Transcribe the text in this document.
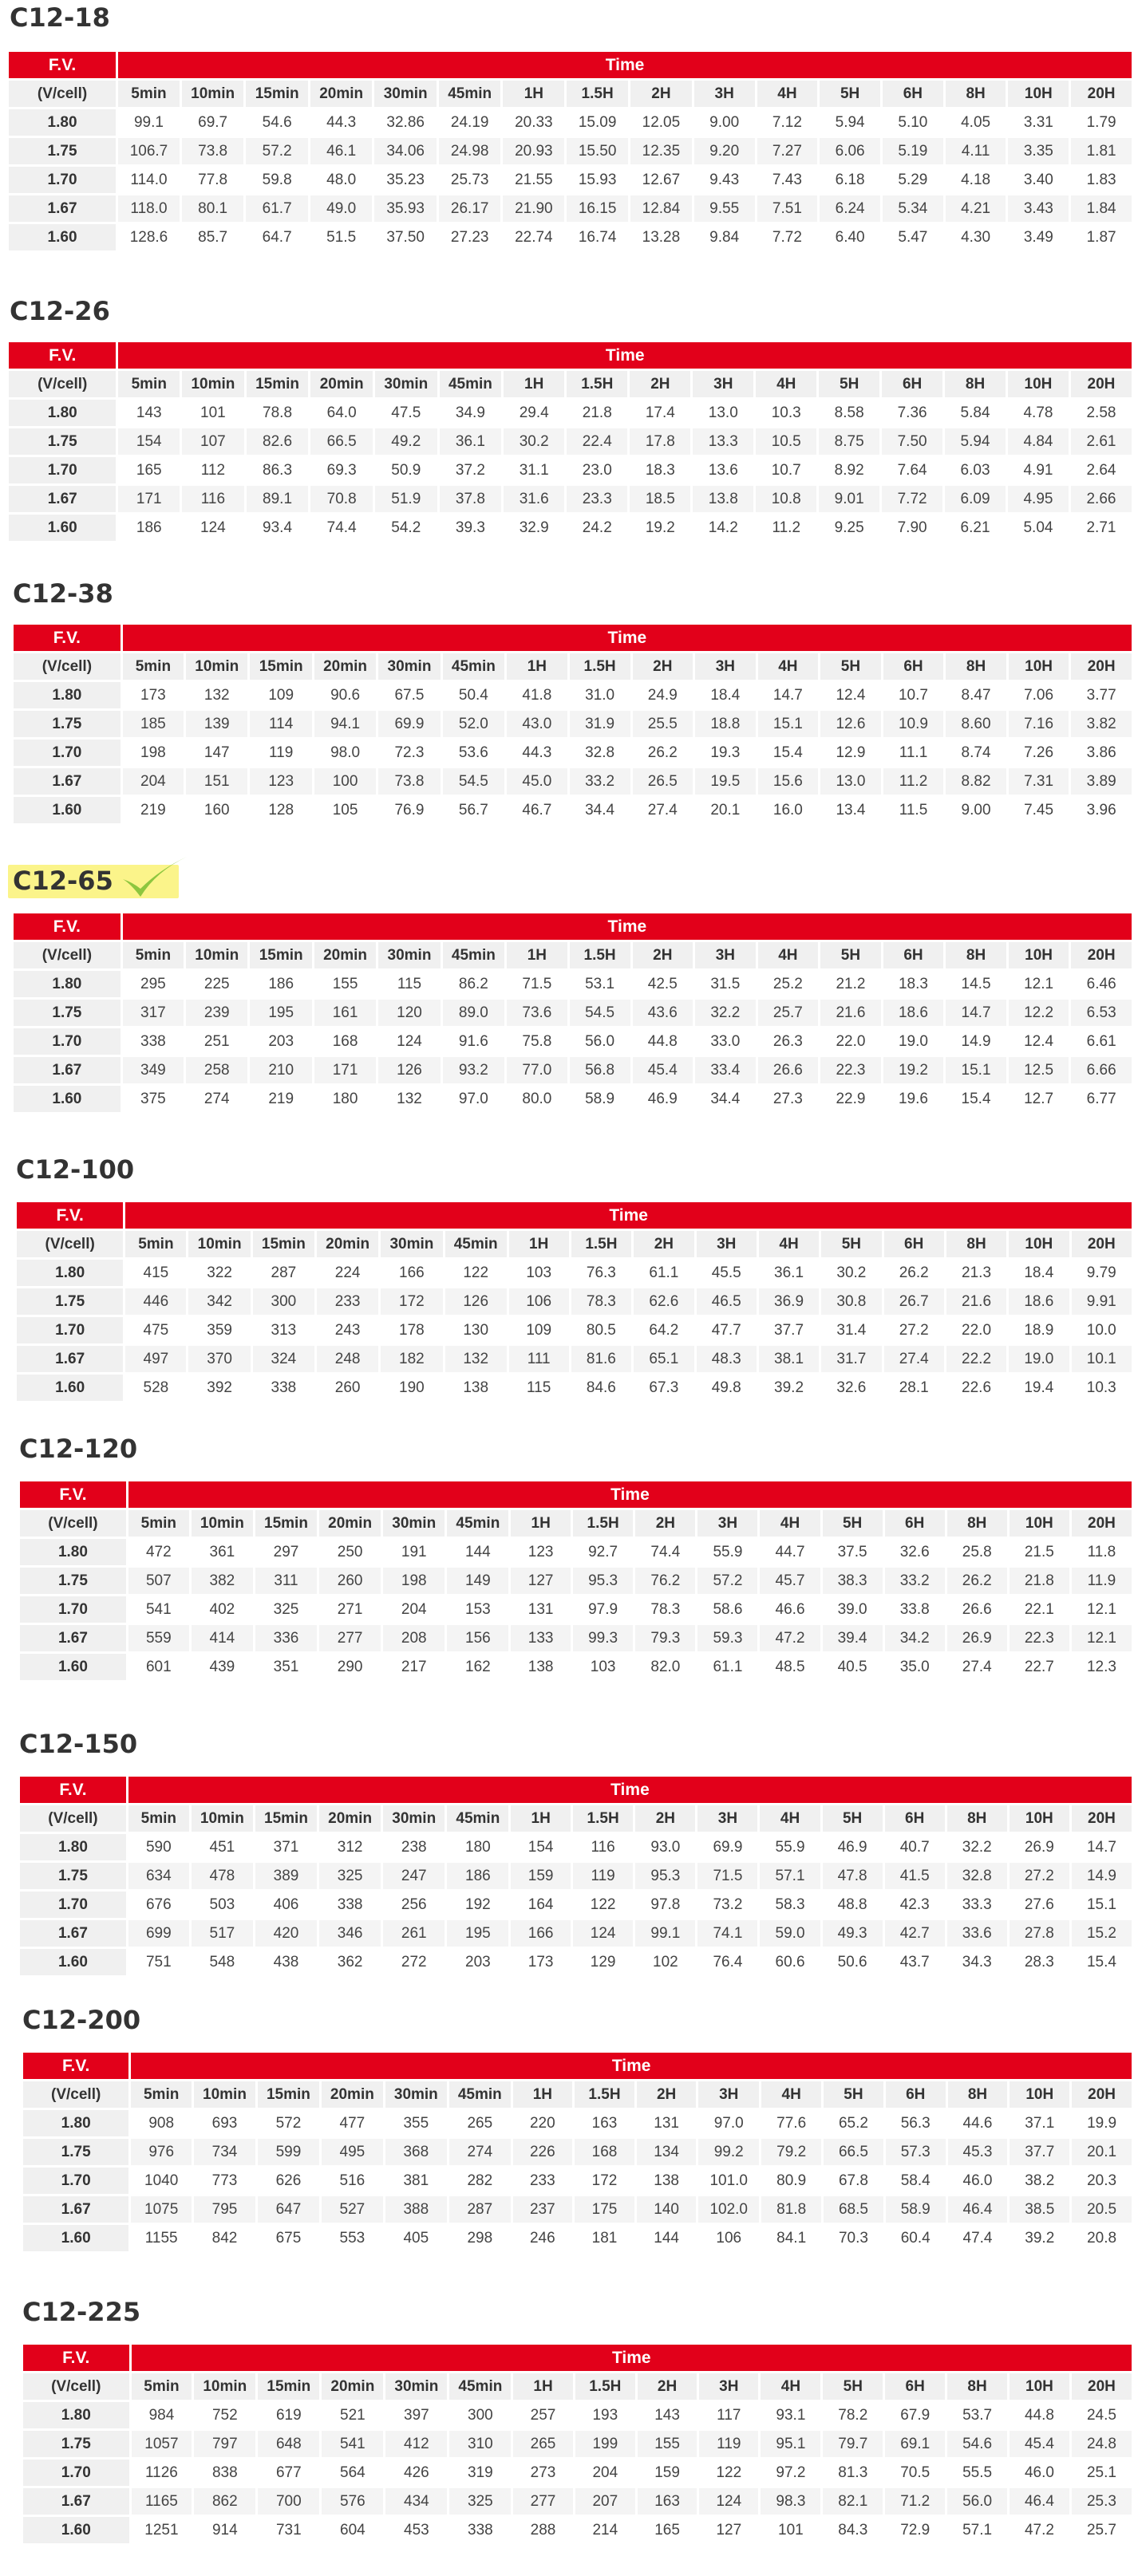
C12-18
F.V.	Time															
(V/cell)	5min	10min	15min	20min	30min	45min	1H	1.5H	2H	3H	4H	5H	6H	8H	10H	20H
1.80	99.1	69.7	54.6	44.3	32.86	24.19	20.33	15.09	12.05	9.00	7.12	5.94	5.10	4.05	3.31	1.79
1.75	106.7	73.8	57.2	46.1	34.06	24.98	20.93	15.50	12.35	9.20	7.27	6.06	5.19	4.11	3.35	1.81
1.70	114.0	77.8	59.8	48.0	35.23	25.73	21.55	15.93	12.67	9.43	7.43	6.18	5.29	4.18	3.40	1.83
1.67	118.0	80.1	61.7	49.0	35.93	26.17	21.90	16.15	12.84	9.55	7.51	6.24	5.34	4.21	3.43	1.84
1.60	128.6	85.7	64.7	51.5	37.50	27.23	22.74	16.74	13.28	9.84	7.72	6.40	5.47	4.30	3.49	1.87
C12-26
F.V.	Time															
(V/cell)	5min	10min	15min	20min	30min	45min	1H	1.5H	2H	3H	4H	5H	6H	8H	10H	20H
1.80	143	101	78.8	64.0	47.5	34.9	29.4	21.8	17.4	13.0	10.3	8.58	7.36	5.84	4.78	2.58
1.75	154	107	82.6	66.5	49.2	36.1	30.2	22.4	17.8	13.3	10.5	8.75	7.50	5.94	4.84	2.61
1.70	165	112	86.3	69.3	50.9	37.2	31.1	23.0	18.3	13.6	10.7	8.92	7.64	6.03	4.91	2.64
1.67	171	116	89.1	70.8	51.9	37.8	31.6	23.3	18.5	13.8	10.8	9.01	7.72	6.09	4.95	2.66
1.60	186	124	93.4	74.4	54.2	39.3	32.9	24.2	19.2	14.2	11.2	9.25	7.90	6.21	5.04	2.71
C12-38
F.V.	Time															
(V/cell)	5min	10min	15min	20min	30min	45min	1H	1.5H	2H	3H	4H	5H	6H	8H	10H	20H
1.80	173	132	109	90.6	67.5	50.4	41.8	31.0	24.9	18.4	14.7	12.4	10.7	8.47	7.06	3.77
1.75	185	139	114	94.1	69.9	52.0	43.0	31.9	25.5	18.8	15.1	12.6	10.9	8.60	7.16	3.82
1.70	198	147	119	98.0	72.3	53.6	44.3	32.8	26.2	19.3	15.4	12.9	11.1	8.74	7.26	3.86
1.67	204	151	123	100	73.8	54.5	45.0	33.2	26.5	19.5	15.6	13.0	11.2	8.82	7.31	3.89
1.60	219	160	128	105	76.9	56.7	46.7	34.4	27.4	20.1	16.0	13.4	11.5	9.00	7.45	3.96
C12-65
F.V.	Time															
(V/cell)	5min	10min	15min	20min	30min	45min	1H	1.5H	2H	3H	4H	5H	6H	8H	10H	20H
1.80	295	225	186	155	115	86.2	71.5	53.1	42.5	31.5	25.2	21.2	18.3	14.5	12.1	6.46
1.75	317	239	195	161	120	89.0	73.6	54.5	43.6	32.2	25.7	21.6	18.6	14.7	12.2	6.53
1.70	338	251	203	168	124	91.6	75.8	56.0	44.8	33.0	26.3	22.0	19.0	14.9	12.4	6.61
1.67	349	258	210	171	126	93.2	77.0	56.8	45.4	33.4	26.6	22.3	19.2	15.1	12.5	6.66
1.60	375	274	219	180	132	97.0	80.0	58.9	46.9	34.4	27.3	22.9	19.6	15.4	12.7	6.77
C12-100
F.V.	Time															
(V/cell)	5min	10min	15min	20min	30min	45min	1H	1.5H	2H	3H	4H	5H	6H	8H	10H	20H
1.80	415	322	287	224	166	122	103	76.3	61.1	45.5	36.1	30.2	26.2	21.3	18.4	9.79
1.75	446	342	300	233	172	126	106	78.3	62.6	46.5	36.9	30.8	26.7	21.6	18.6	9.91
1.70	475	359	313	243	178	130	109	80.5	64.2	47.7	37.7	31.4	27.2	22.0	18.9	10.0
1.67	497	370	324	248	182	132	111	81.6	65.1	48.3	38.1	31.7	27.4	22.2	19.0	10.1
1.60	528	392	338	260	190	138	115	84.6	67.3	49.8	39.2	32.6	28.1	22.6	19.4	10.3
C12-120
F.V.	Time															
(V/cell)	5min	10min	15min	20min	30min	45min	1H	1.5H	2H	3H	4H	5H	6H	8H	10H	20H
1.80	472	361	297	250	191	144	123	92.7	74.4	55.9	44.7	37.5	32.6	25.8	21.5	11.8
1.75	507	382	311	260	198	149	127	95.3	76.2	57.2	45.7	38.3	33.2	26.2	21.8	11.9
1.70	541	402	325	271	204	153	131	97.9	78.3	58.6	46.6	39.0	33.8	26.6	22.1	12.1
1.67	559	414	336	277	208	156	133	99.3	79.3	59.3	47.2	39.4	34.2	26.9	22.3	12.1
1.60	601	439	351	290	217	162	138	103	82.0	61.1	48.5	40.5	35.0	27.4	22.7	12.3
C12-150
F.V.	Time															
(V/cell)	5min	10min	15min	20min	30min	45min	1H	1.5H	2H	3H	4H	5H	6H	8H	10H	20H
1.80	590	451	371	312	238	180	154	116	93.0	69.9	55.9	46.9	40.7	32.2	26.9	14.7
1.75	634	478	389	325	247	186	159	119	95.3	71.5	57.1	47.8	41.5	32.8	27.2	14.9
1.70	676	503	406	338	256	192	164	122	97.8	73.2	58.3	48.8	42.3	33.3	27.6	15.1
1.67	699	517	420	346	261	195	166	124	99.1	74.1	59.0	49.3	42.7	33.6	27.8	15.2
1.60	751	548	438	362	272	203	173	129	102	76.4	60.6	50.6	43.7	34.3	28.3	15.4
C12-200
F.V.	Time															
(V/cell)	5min	10min	15min	20min	30min	45min	1H	1.5H	2H	3H	4H	5H	6H	8H	10H	20H
1.80	908	693	572	477	355	265	220	163	131	97.0	77.6	65.2	56.3	44.6	37.1	19.9
1.75	976	734	599	495	368	274	226	168	134	99.2	79.2	66.5	57.3	45.3	37.7	20.1
1.70	1040	773	626	516	381	282	233	172	138	101.0	80.9	67.8	58.4	46.0	38.2	20.3
1.67	1075	795	647	527	388	287	237	175	140	102.0	81.8	68.5	58.9	46.4	38.5	20.5
1.60	1155	842	675	553	405	298	246	181	144	106	84.1	70.3	60.4	47.4	39.2	20.8
C12-225
F.V.	Time															
(V/cell)	5min	10min	15min	20min	30min	45min	1H	1.5H	2H	3H	4H	5H	6H	8H	10H	20H
1.80	984	752	619	521	397	300	257	193	143	117	93.1	78.2	67.9	53.7	44.8	24.5
1.75	1057	797	648	541	412	310	265	199	155	119	95.1	79.7	69.1	54.6	45.4	24.8
1.70	1126	838	677	564	426	319	273	204	159	122	97.2	81.3	70.5	55.5	46.0	25.1
1.67	1165	862	700	576	434	325	277	207	163	124	98.3	82.1	71.2	56.0	46.4	25.3
1.60	1251	914	731	604	453	338	288	214	165	127	101	84.3	72.9	57.1	47.2	25.7
